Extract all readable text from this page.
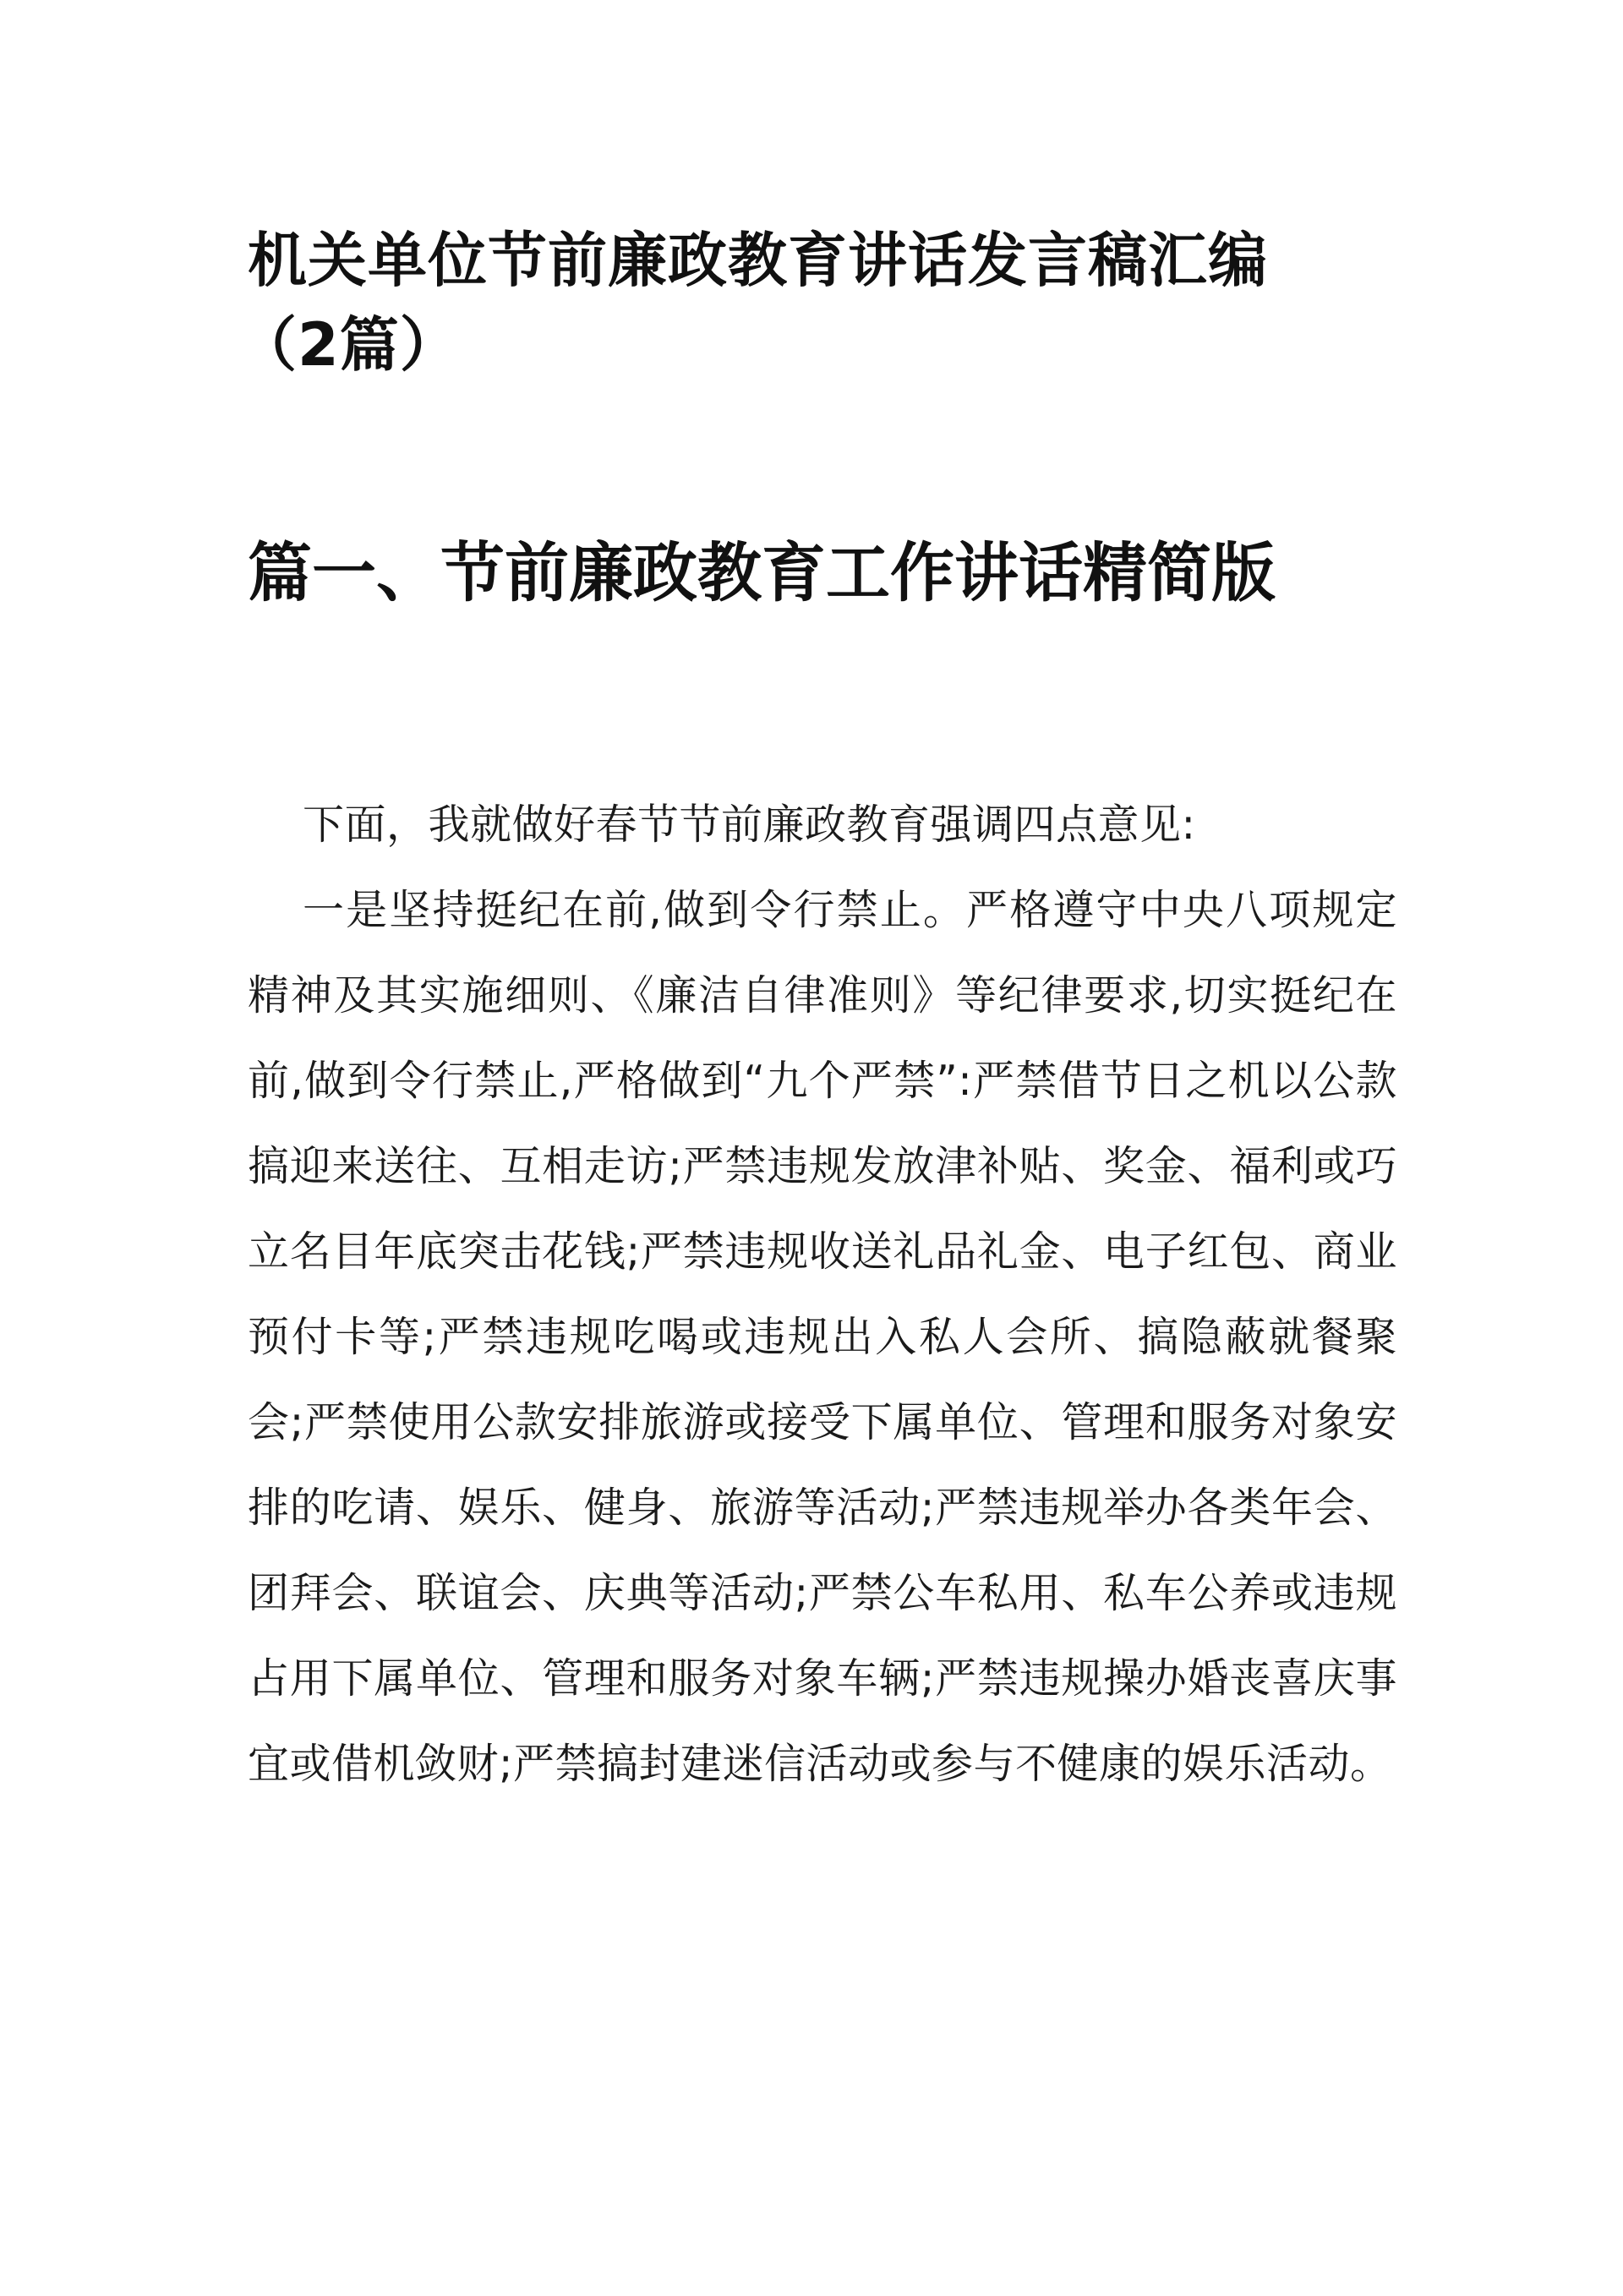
机关单位节前廉政教育讲话发言稿汇编
（2篇）
篇一、节前廉政教育工作讲话精简版

下面，我就做好春节节前廉政教育强调四点意见:

一是坚持挺纪在前,做到令行禁止。严格遵守中央八项规定精神及其实施细则、《廉洁自律准则》等纪律要求,切实挺纪在前,做到令行禁止,严格做到“九个严禁”:严禁借节日之机以公款搞迎来送往、互相走访;严禁违规发放津补贴、奖金、福利或巧立名目年底突击花钱;严禁违规收送礼品礼金、电子红包、商业预付卡等;严禁违规吃喝或违规出入私人会所、搞隐蔽就餐聚会;严禁使用公款安排旅游或接受下属单位、管理和服务对象安排的吃请、娱乐、健身、旅游等活动;严禁违规举办各类年会、团拜会、联谊会、庆典等活动;严禁公车私用、私车公养或违规占用下属单位、管理和服务对象车辆;严禁违规操办婚丧喜庆事宜或借机敛财;严禁搞封建迷信活动或参与不健康的娱乐活动。
